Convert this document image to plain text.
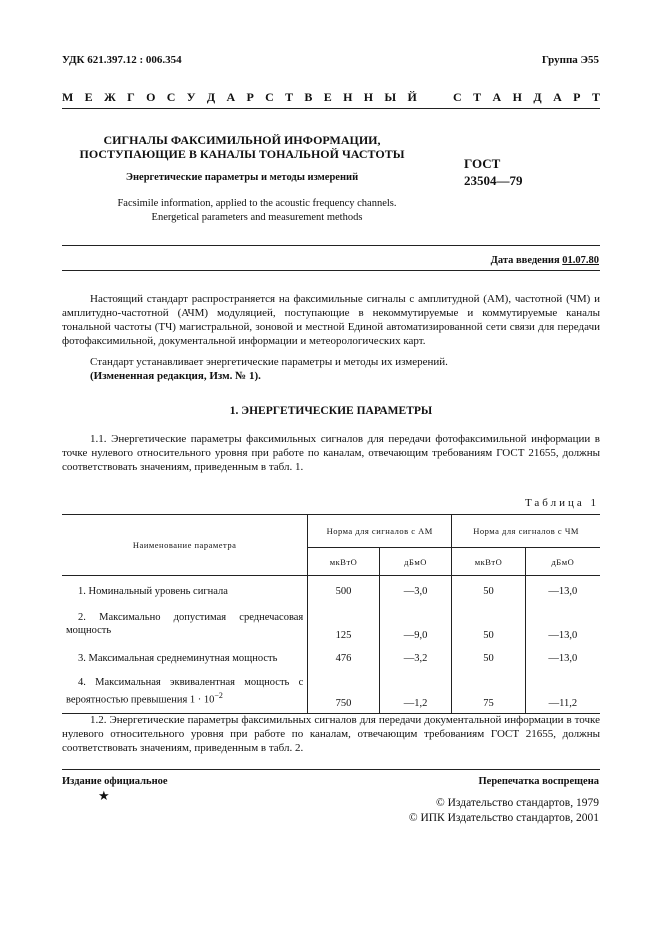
УДК 621.397.12 : 006.354	Группа Э55
М Е Ж Г О С У Д А Р С Т В Е Н Н Ы Й	С Т А Н Д А Р Т
СИГНАЛЫ ФАКСИМИЛЬНОЙ ИНФОРМАЦИИ,
ПОСТУПАЮЩИЕ В КАНАЛЫ ТОНАЛЬНОЙ ЧАСТОТЫ
Энергетические параметры и методы измерений
Facsimile information, applied to the acoustic frequency channels.
Energetical parameters and measurement methods
ГОСТ
23504—79
Дата введения 01.07.80
Настоящий стандарт распространяется на факсимильные сигналы с амплитудной (АМ), частотной (ЧМ) и амплитудно-частотной (АЧМ) модуляцией, поступающие в некоммутируемые и коммутируемые каналы тональной частоты (ТЧ) магистральной, зоновой и местной Единой автоматизированной сети связи для передачи фотофаксимильной, документальной информации и метеорологических карт.
Стандарт устанавливает энергетические параметры и методы их измерений.
(Измененная редакция, Изм. № 1).
1. ЭНЕРГЕТИЧЕСКИЕ ПАРАМЕТРЫ
1.1. Энергетические параметры факсимильных сигналов для передачи фотофаксимильной информации в точке нулевого относительного уровня при работе по каналам, отвечающим требованиям ГОСТ 21655, должны соответствовать значениям, приведенным в табл. 1.
Таблица 1
Наименование параметра	Норма для сигналов с АМ		Норма для сигналов с ЧМ	
	мкВтО	дБмО	мкВтО	дБмО
1. Номинальный уровень сигнала	500	—3,0	50	—13,0
2. Максимально допустимая среднечасовая мощность	125	—9,0	50	—13,0
3. Максимальная среднеминутная мощность	476	—3,2	50	—13,0
4. Максимальная эквивалентная мощность с вероятностью превышения $1 \cdot 10^{-2}$	750	—1,2	75	—11,2
1.2. Энергетические параметры факсимильных сигналов для передачи документальной информации в точке нулевого относительного уровня при работе по каналам, отвечающим требованиям ГОСТ 21655, должны соответствовать значениям, приведенным в табл. 2.
Издание официальное	Перепечатка воспрещена
★	© Издательство стандартов, 1979
© ИПК Издательство стандартов, 2001
